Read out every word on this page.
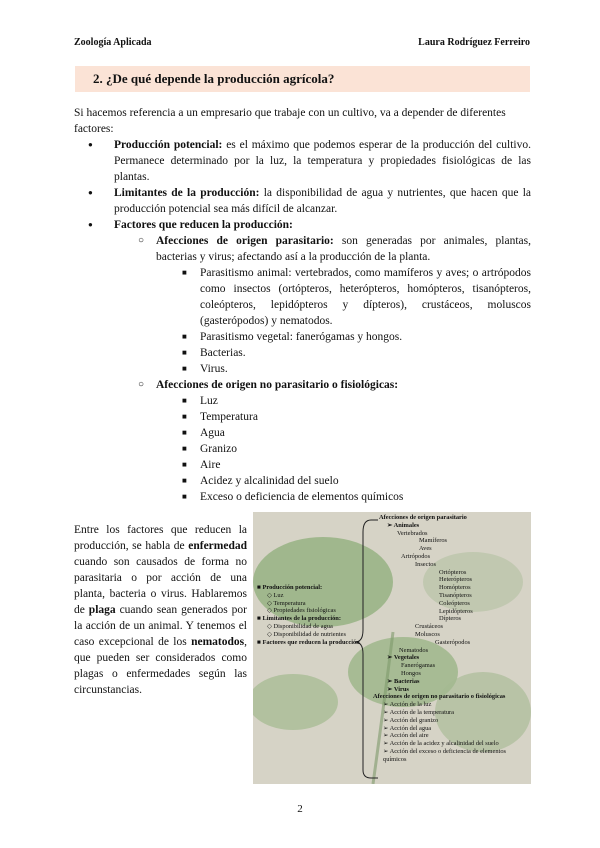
Zoología Aplicada	Laura Rodríguez Ferreiro
2. ¿De qué depende la producción agrícola?
Si hacemos referencia a un empresario que trabaje con un cultivo, va a depender de diferentes factores:
● Producción potencial: es el máximo que podemos esperar de la producción del cultivo. Permanece determinado por la luz, la temperatura y propiedades fisiológicas de las plantas.
● Limitantes de la producción: la disponibilidad de agua y nutrientes, que hacen que la producción potencial sea más difícil de alcanzar.
● Factores que reducen la producción:
○ Afecciones de origen parasitario: son generadas por animales, plantas, bacterias y virus; afectando así a la producción de la planta.
■ Parasitismo animal: vertebrados, como mamíferos y aves; o artrópodos como insectos (ortópteros, heterópteros, homópteros, tisanópteros, coleópteros, lepidópteros y dípteros), crustáceos, moluscos (gasterópodos) y nematodos.
■ Parasitismo vegetal: fanerógamas y hongos.
■ Bacterias.
■ Virus.
○ Afecciones de origen no parasitario o fisiológicas:
■ Luz
■ Temperatura
■ Agua
■ Granizo
■ Aire
■ Acidez y alcalinidad del suelo
■ Exceso o deficiencia de elementos químicos
Entre los factores que reducen la producción, se habla de enfermedad cuando son causados de forma no parasitaria o por acción de una planta, bacteria o virus. Hablaremos de plaga cuando sean generados por la acción de un animal. Y tenemos el caso excepcional de los nematodos, que pueden ser considerados como plagas o enfermedades según las circunstancias.
■ Producción potencial:
◇ Luz
◇ Temperatura
◇ Propiedades fisiológicas
■ Limitantes de la producción:
◇ Disponibilidad de agua
◇ Disponibilidad de nutrientes
■ Factores que reducen la producción
Afecciones de origen parasitario
➢ Animales
Vertebrados
Mamíferos
Aves
Artrópodos
Insectos
Ortópteros
Heterópteros
Homópteros
Tisanópteros
Coleópteros
Lepidópteros
Dípteros
Crustáceos
Moluscos
Gasterópodos
Nematodos
➢ Vegetales
Fanerógamas
Hongos
➢ Bacterias
➢ Virus
Afecciones de origen no parasitario o fisiológicas
➢ Acción de la luz
➢ Acción de la temperatura
➢ Acción del granizo
➢ Acción del agua
➢ Acción del aire
➢ Acción de la acidez y alcalinidad del suelo
➢ Acción del exceso o deficiencia de elementos químicos
2
